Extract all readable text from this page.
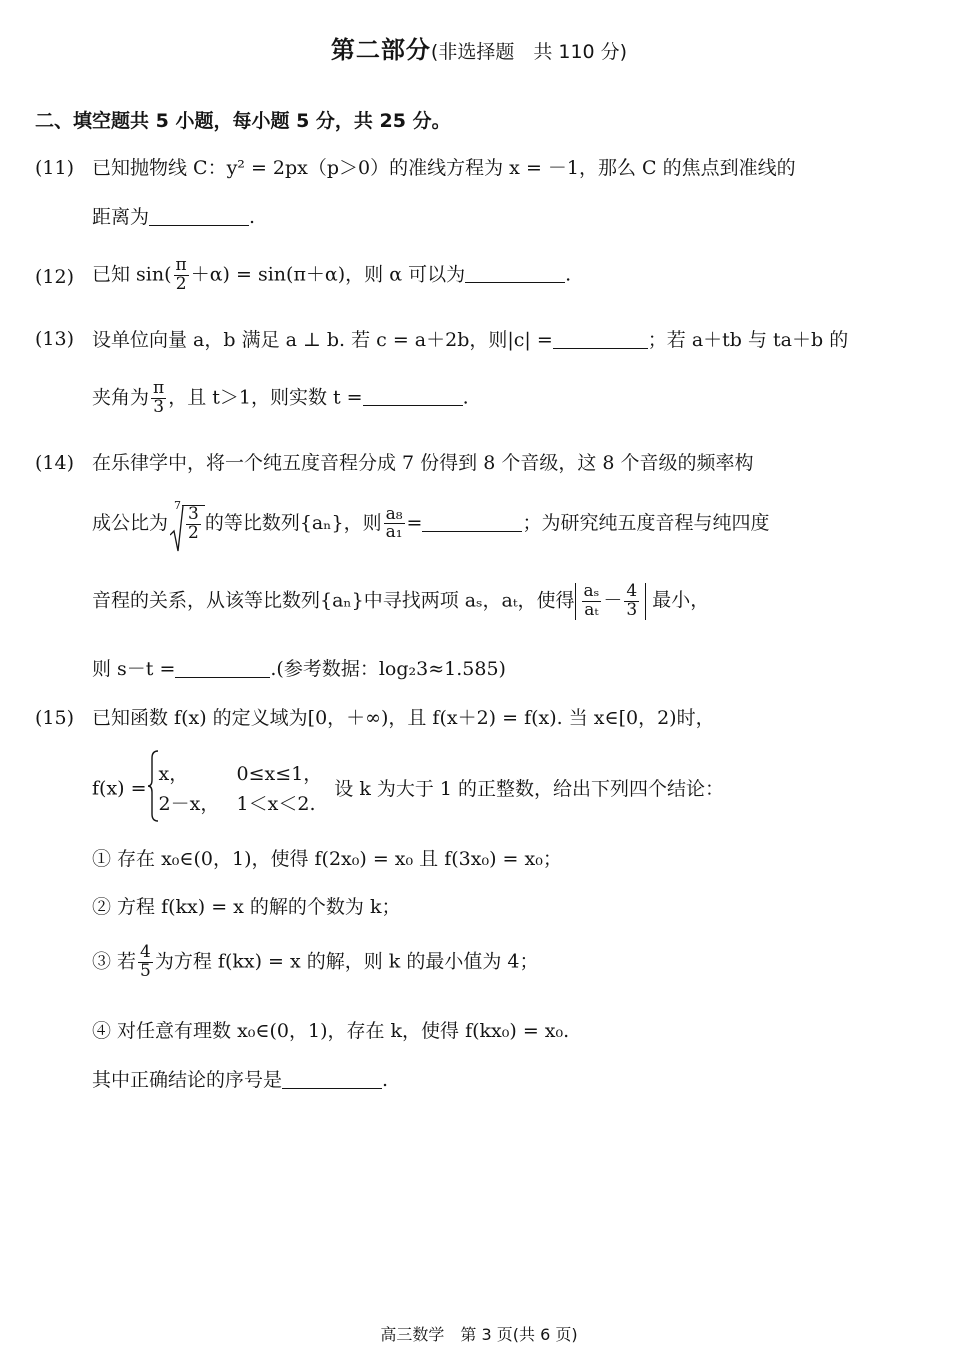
第二部分(非选择题　共 110 分)
二、填空题共 5 小题，每小题 5 分，共 25 分。
(11) 已知抛物线 C：y² = 2px（p＞0）的准线方程为 x = －1，那么 C 的焦点到准线的
距离为	.
(12) 已知 $\sin( \frac{\pi}{2} +\alpha) = \sin(\pi+\alpha)$，则 α 可以为	.
(13) 设单位向量 a，b 满足 a ⊥ b. 若 c = a＋2b，则|c| =	；若 a＋tb 与 ta＋b 的
夹角为 $\frac{\pi}{3}$ ，且 t＞1，则实数 t =	.
(14) 在乐律学中，将一个纯五度音程分成 7 份得到 8 个音级，这 8 个音级的频率构
成公比为
7
$\frac{3}{2}$ 的等比数列{aₙ}，则 $\frac{\text{a₈}}{\text{a₁}}$ =	；为研究纯五度音程与纯四度
音程的关系，从该等比数列{aₙ}中寻找两项 aₛ，aₜ，使得 $\frac{\text{aₛ}}{\text{aₜ}} - \frac{4}{3}$ 最小，
则 s－t =	.(参考数据：log₂3≈1.585)
(15) 已知函数 f(x) 的定义域为[0，＋∞)，且 f(x＋2) = f(x). 当 x∈[0，2)时，
f(x) =
x，	0≤x≤1，
2－x， 1＜x＜2.
设 k 为大于 1 的正整数，给出下列四个结论：
① 存在 x₀∈(0，1)，使得 f(2x₀) = x₀ 且 f(3x₀) = x₀；
② 方程 f(kx) = x 的解的个数为 k；
③ 若 $\frac{4}{5}$ 为方程 f(kx) = x 的解，则 k 的最小值为 4；
④ 对任意有理数 x₀∈(0，1)，存在 k，使得 f(kx₀) = x₀.
其中正确结论的序号是	.
高三数学　第 3 页(共 6 页)
